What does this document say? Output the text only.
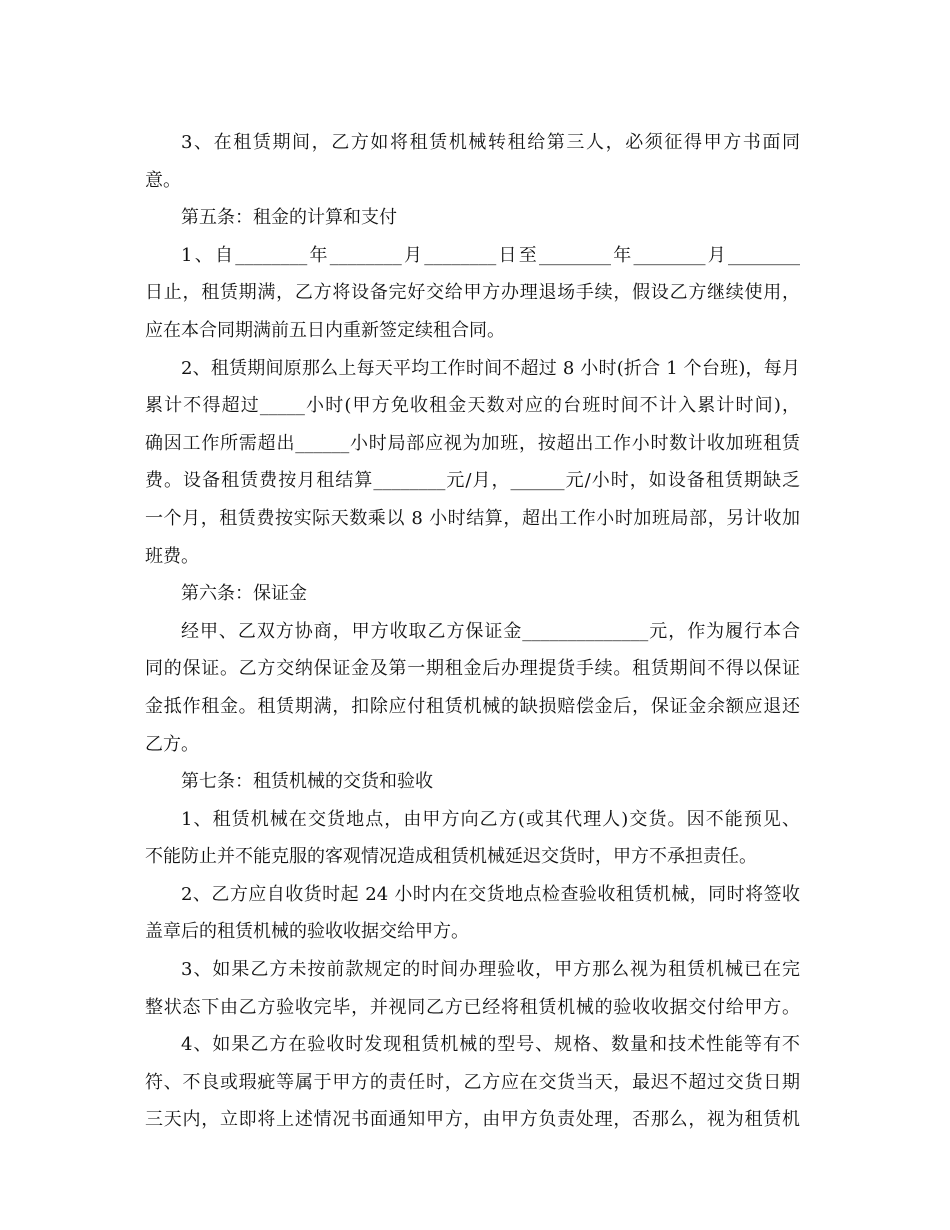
3、在租赁期间，乙方如将租赁机械转租给第三人，必须征得甲方书面同
意。
第五条：租金的计算和支付
1、自________年________月________日至________年________月________
日止，租赁期满，乙方将设备完好交给甲方办理退场手续，假设乙方继续使用，
应在本合同期满前五日内重新签定续租合同。
2、租赁期间原那么上每天平均工作时间不超过 8 小时(折合 1 个台班)，每月
累计不得超过_____小时(甲方免收租金天数对应的台班时间不计入累计时间)，
确因工作所需超出______小时局部应视为加班，按超出工作小时数计收加班租赁
费。设备租赁费按月租结算________元/月，______元/小时，如设备租赁期缺乏
一个月，租赁费按实际天数乘以 8 小时结算，超出工作小时加班局部，另计收加
班费。
第六条：保证金
经甲、乙双方协商，甲方收取乙方保证金______________元，作为履行本合
同的保证。乙方交纳保证金及第一期租金后办理提货手续。租赁期间不得以保证
金抵作租金。租赁期满，扣除应付租赁机械的缺损赔偿金后，保证金余额应退还
乙方。
第七条：租赁机械的交货和验收
1、租赁机械在交货地点，由甲方向乙方(或其代理人)交货。因不能预见、
不能防止并不能克服的客观情况造成租赁机械延迟交货时，甲方不承担责任。
2、乙方应自收货时起 24 小时内在交货地点检查验收租赁机械，同时将签收
盖章后的租赁机械的验收收据交给甲方。
3、如果乙方未按前款规定的时间办理验收，甲方那么视为租赁机械已在完
整状态下由乙方验收完毕，并视同乙方已经将租赁机械的验收收据交付给甲方。
4、如果乙方在验收时发现租赁机械的型号、规格、数量和技术性能等有不
符、不良或瑕疵等属于甲方的责任时，乙方应在交货当天，最迟不超过交货日期
三天内，立即将上述情况书面通知甲方，由甲方负责处理，否那么，视为租赁机
